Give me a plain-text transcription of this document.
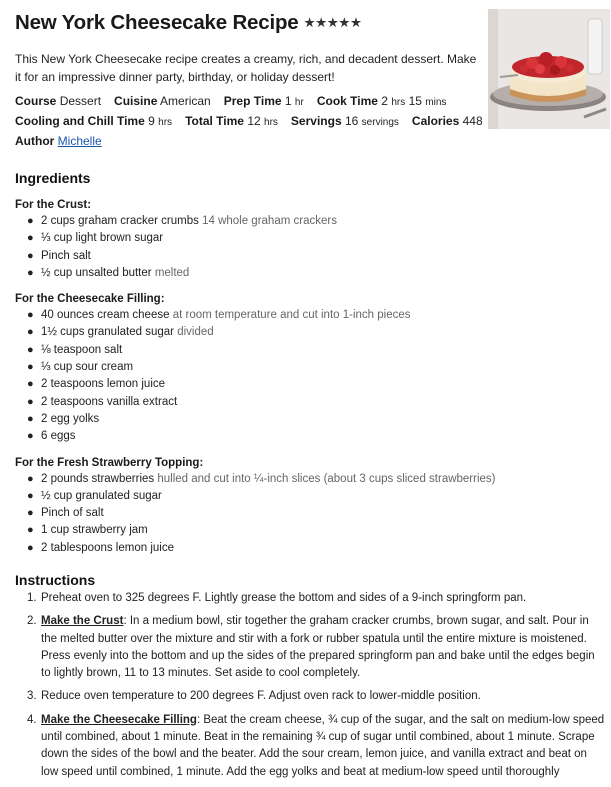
New York Cheesecake Recipe ★★★★★

This New York Cheesecake recipe creates a creamy, rich, and decadent dessert. Make it for an impressive dinner party, birthday, or holiday dessert!

Course Dessert Cuisine American Prep Time 1 hr Cook Time 2 hrs 15 mins
Cooling and Chill Time 9 hrs Total Time 12 hrs Servings 16 servings Calories 448
Author Michelle
Ingredients

For the Crust:

● 2 cups graham cracker crumbs 14 whole graham crackers
● ⅓ cup light brown sugar
● Pinch salt
● ½ cup unsalted butter melted

For the Cheesecake Filling:

● 40 ounces cream cheese at room temperature and cut into 1-inch pieces
● 1½ cups granulated sugar divided
● ⅛ teaspoon salt
● ⅓ cup sour cream
● 2 teaspoons lemon juice
● 2 teaspoons vanilla extract
● 2 egg yolks
● 6 eggs

For the Fresh Strawberry Topping:

● 2 pounds strawberries hulled and cut into ¼-inch slices (about 3 cups sliced strawberries)
● ½ cup granulated sugar
● Pinch of salt
● 1 cup strawberry jam
● 2 tablespoons lemon juice
Instructions
1. Preheat oven to 325 degrees F. Lightly grease the bottom and sides of a 9-inch springform pan.
2. Make the Crust: In a medium bowl, stir together the graham cracker crumbs, brown sugar, and salt. Pour in the melted butter over the mixture and stir with a fork or rubber spatula until the entire mixture is moistened. Press evenly into the bottom and up the sides of the prepared springform pan and bake until the edges begin to lightly brown, 11 to 13 minutes. Set aside to cool completely.
3. Reduce oven temperature to 200 degrees F. Adjust oven rack to lower-middle position.
4. Make the Cheesecake Filling: Beat the cream cheese, ¾ cup of the sugar, and the salt on medium-low speed until combined, about 1 minute. Beat in the remaining ¾ cup of sugar until combined, about 1 minute. Scrape down the sides of the bowl and the beater. Add the sour cream, lemon juice, and vanilla extract and beat on low speed until combined, 1 minute. Add the egg yolks and beat at medium-low speed until thoroughly
